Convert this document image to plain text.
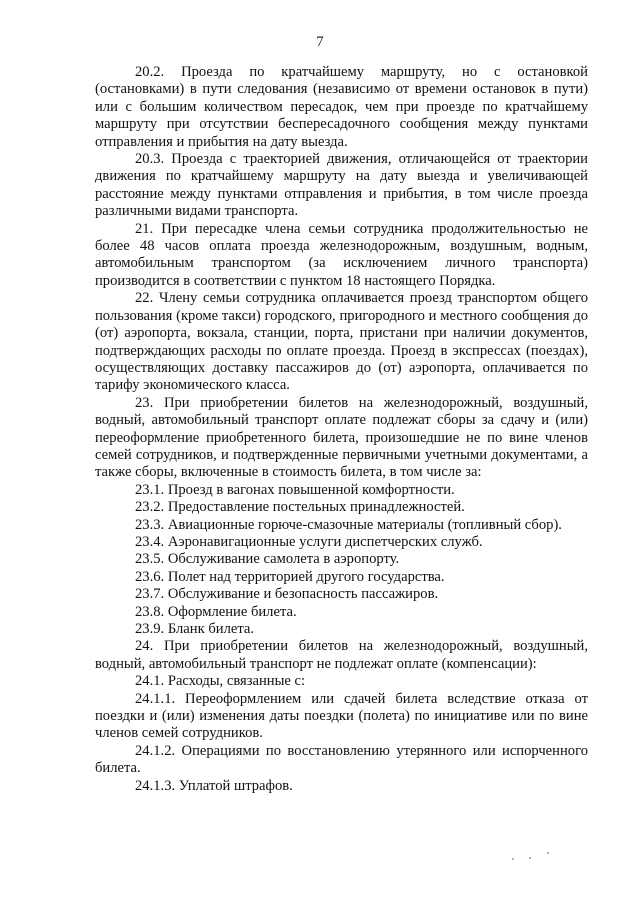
7

20.2. Проезда по кратчайшему маршруту, но с остановкой (остановками) в пути следования (независимо от времени остановок в пути) или с большим количеством пересадок, чем при проезде по кратчайшему маршруту при отсутствии беспересадочного сообщения между пунктами отправления и прибытия на дату выезда.

20.3. Проезда с траекторией движения, отличающейся от траектории движения по кратчайшему маршруту на дату выезда и увеличивающей расстояние между пунктами отправления и прибытия, в том числе проезда различными видами транспорта.

21. При пересадке члена семьи сотрудника продолжительностью не более 48 часов оплата проезда железнодорожным, воздушным, водным, автомобильным транспортом (за исключением личного транспорта) производится в соответствии с пунктом 18 настоящего Порядка.

22. Члену семьи сотрудника оплачивается проезд транспортом общего пользования (кроме такси) городского, пригородного и местного сообщения до (от) аэропорта, вокзала, станции, порта, пристани при наличии документов, подтверждающих расходы по оплате проезда. Проезд в экспрессах (поездах), осуществляющих доставку пассажиров до (от) аэропорта, оплачивается по тарифу экономического класса.

23. При приобретении билетов на железнодорожный, воздушный, водный, автомобильный транспорт оплате подлежат сборы за сдачу и (или) переоформление приобретенного билета, произошедшие не по вине членов семей сотрудников, и подтвержденные первичными учетными документами, а также сборы, включенные в стоимость билета, в том числе за:

23.1. Проезд в вагонах повышенной комфортности.

23.2. Предоставление постельных принадлежностей.

23.3. Авиационные горюче-смазочные материалы (топливный сбор).

23.4. Аэронавигационные услуги диспетчерских служб.

23.5. Обслуживание самолета в аэропорту.

23.6. Полет над территорией другого государства.

23.7. Обслуживание и безопасность пассажиров.

23.8. Оформление билета.

23.9. Бланк билета.

24. При приобретении билетов на железнодорожный, воздушный, водный, автомобильный транспорт не подлежат оплате (компенсации):

24.1. Расходы, связанные с:

24.1.1. Переоформлением или сдачей билета вследствие отказа от поездки и (или) изменения даты поездки (полета) по инициативе или по вине членов семей сотрудников.

24.1.2. Операциями по восстановлению утерянного или испорченного билета.

24.1.3. Уплатой штрафов.
